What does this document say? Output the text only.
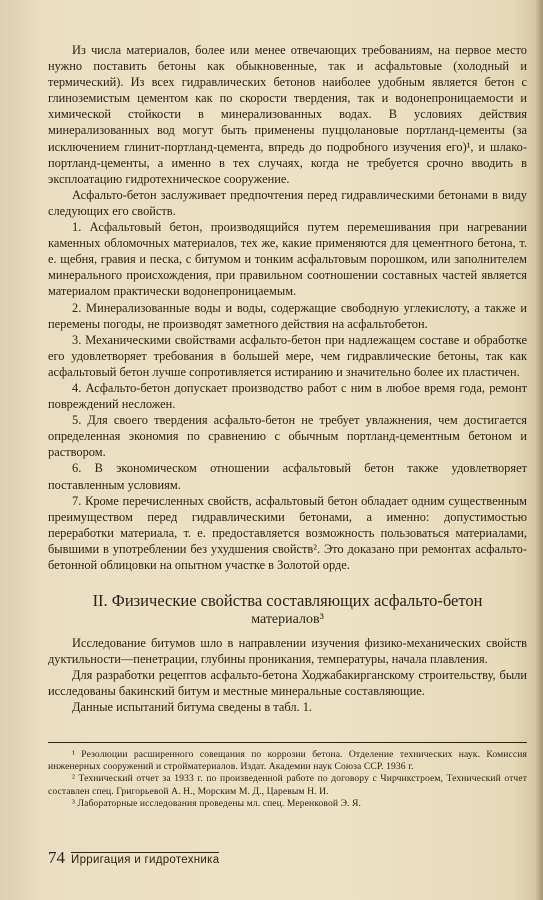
Из числа материалов, более или менее отвечающих требованиям, на первое место нужно поставить бетоны как обыкновенные, так и асфальтовые (холодный и термический). Из всех гидравлических бетонов наиболее удобным является бетон с глиноземистым цементом как по скорости твердения, так и водонепроницаемости и химической стойкости в минерализованных водах. В условиях действия минерализованных вод могут быть применены пуццолановые портланд-цементы (за исключением глинит-портланд-цемента, впредь до подробного изучения его)¹, и шлако-портланд-цементы, а именно в тех случаях, когда не требуется срочно вводить в эксплоатацию гидротехническое сооружение.

Асфальто-бетон заслуживает предпочтения перед гидравлическими бетонами в виду следующих его свойств.

1. Асфальтовый бетон, производящийся путем перемешивания при нагревании каменных обломочных материалов, тех же, какие применяются для цементного бетона, т. е. щебня, гравия и песка, с битумом и тонким асфальтовым порошком, или заполнителем минерального происхождения, при правильном соотношении составных частей является материалом практически водонепроницаемым.

2. Минерализованные воды и воды, содержащие свободную углекислоту, а также и перемены погоды, не производят заметного действия на асфальтобетон.

3. Механическими свойствами асфальто-бетон при надлежащем составе и обработке его удовлетворяет требования в большей мере, чем гидравлические бетоны, так как асфальтовый бетон лучше сопротивляется истиранию и значительно более их пластичен.

4. Асфальто-бетон допускает производство работ с ним в любое время года, ремонт повреждений несложен.

5. Для своего твердения асфальто-бетон не требует увлажнения, чем достигается определенная экономия по сравнению с обычным портланд-цементным бетоном и раствором.

6. В экономическом отношении асфальтовый бетон также удовлетворяет поставленным условиям.

7. Кроме перечисленных свойств, асфальтовый бетон обладает одним существенным преимуществом перед гидравлическими бетонами, а именно: допустимостью переработки материала, т. е. предоставляется возможность пользоваться материалами, бывшими в употреблении без ухудшения свойств². Это доказано при ремонтах асфальто-бетонной облицовки на опытном участке в Золотой орде.

II. Физические свойства составляющих асфальто-бетон
материалов³

Исследование битумов шло в направлении изучения физико-механических свойств дуктильности—пенетрации, глубины проникания, температуры, начала плавления.

Для разработки рецептов асфальто-бетона Ходжабакирганскому строительству, были исследованы бакинский битум и местные минеральные составляющие.

Данные испытаний битума сведены в табл. 1.

¹ Резолюции расширенного совещания по коррозии бетона. Отделение технических наук. Комиссия инженерных сооружений и стройматериалов. Издат. Академии наук Союза ССР. 1936 г.

² Технический отчет за 1933 г. по произведенной работе по договору с Чирчикстроем, Технический отчет составлен спец. Григорьевой А. Н., Морским М. Д., Царевым Н. И.

³ Лабораторные исследования проведены мл. спец. Меренковой Э. Я.

74 Ирригация и гидротехника
